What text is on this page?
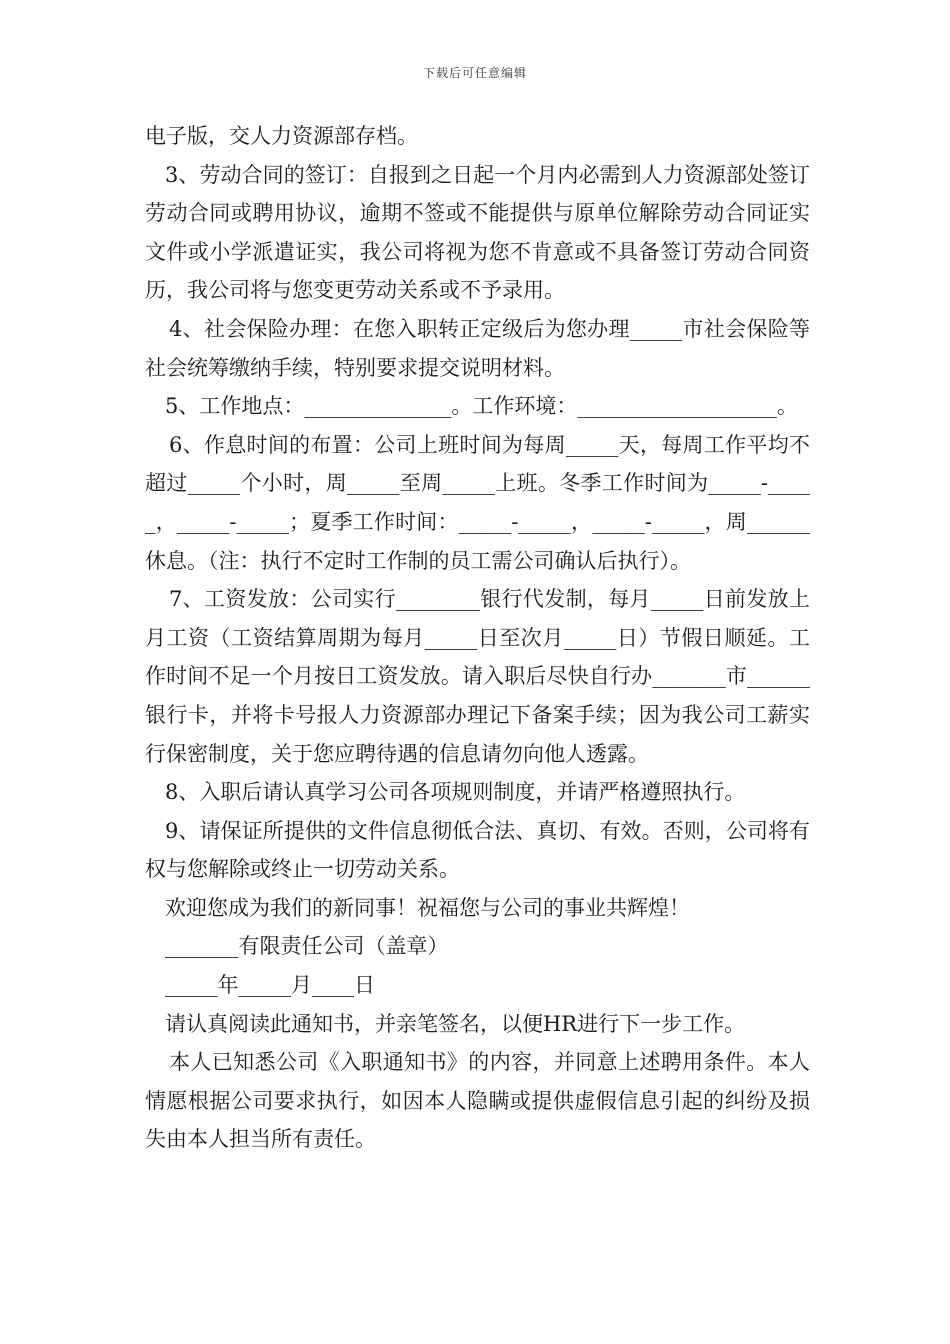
下载后可任意编辑

电子版，交人力资源部存档。

3、劳动合同的签订：自报到之日起一个月内必需到人力资源部处签订劳动合同或聘用协议，逾期不签或不能提供与原单位解除劳动合同证实文件或小学派遣证实，我公司将视为您不肯意或不具备签订劳动合同资历，我公司将与您变更劳动关系或不予录用。

4、社会保险办理：在您入职转正定级后为您办理_____市社会保险等社会统筹缴纳手续，特别要求提交说明材料。

5、工作地点：______________。工作环境：___________________。

6、作息时间的布置：公司上班时间为每周_____天，每周工作平均不超过_____个小时，周_____至周_____上班。冬季工作时间为_____-_____，_____-_____；夏季工作时间：_____-_____，_____-_____，周______休息。（注：执行不定时工作制的员工需公司确认后执行）。

7、工资发放：公司实行________银行代发制，每月_____日前发放上月工资（工资结算周期为每月_____日至次月_____日）节假日顺延。工作时间不足一个月按日工资发放。请入职后尽快自行办_______市______银行卡，并将卡号报人力资源部办理记下备案手续；因为我公司工薪实行保密制度，关于您应聘待遇的信息请勿向他人透露。

8、入职后请认真学习公司各项规则制度，并请严格遵照执行。

9、请保证所提供的文件信息彻低合法、真切、有效。否则，公司将有权与您解除或终止一切劳动关系。

欢迎您成为我们的新同事！祝福您与公司的事业共辉煌！

_______有限责任公司（盖章）

_____年_____月____日

请认真阅读此通知书，并亲笔签名，以便HR进行下一步工作。

本人已知悉公司《入职通知书》的内容，并同意上述聘用条件。本人情愿根据公司要求执行，如因本人隐瞒或提供虚假信息引起的纠纷及损失由本人担当所有责任。
